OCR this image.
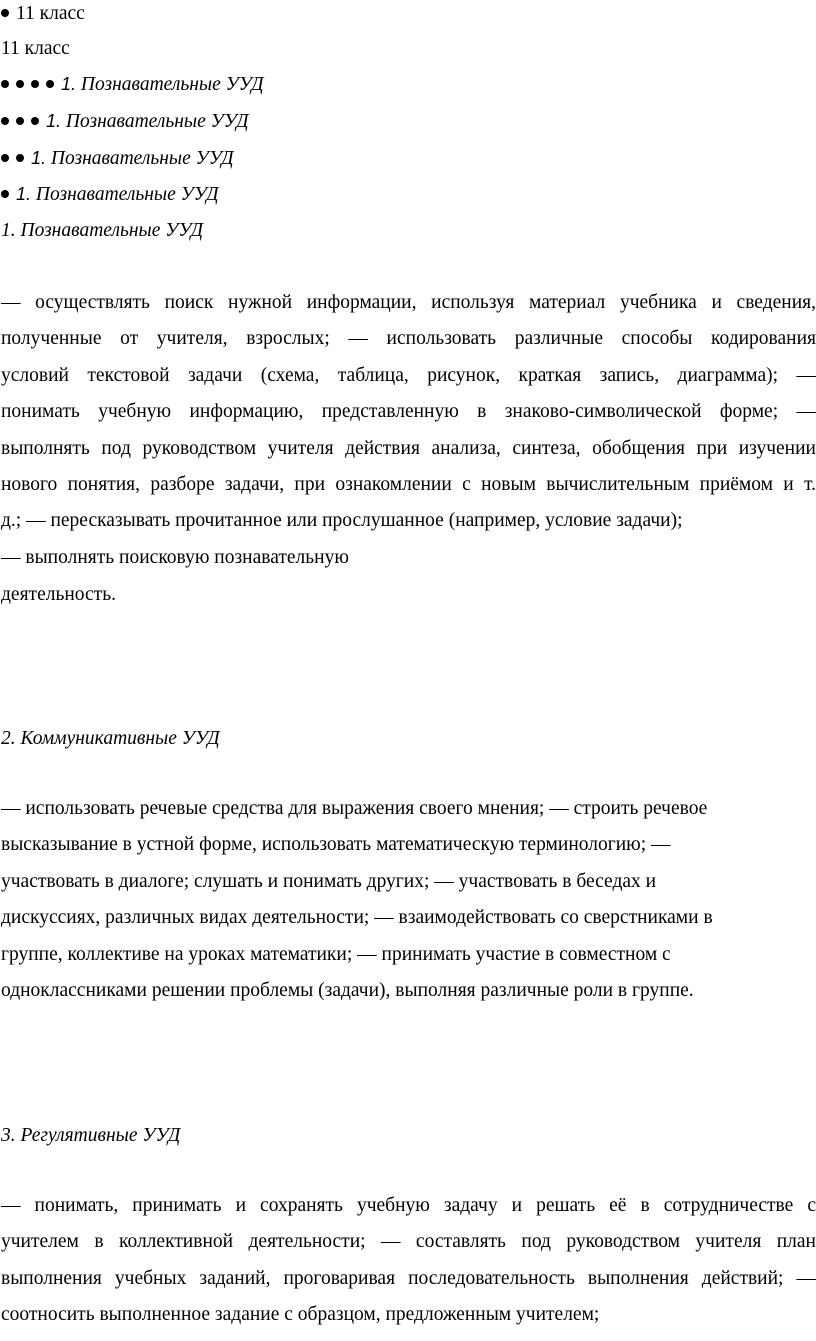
11 класс
11 класс
1. Познавательные УУД
1. Познавательные УУД
1. Познавательные УУД
1. Познавательные УУД
1. Познавательные УУД
— осуществлять поиск нужной информации, используя материал учебника и сведения,
полученные от учителя, взрослых; — использовать различные способы кодирования
условий текстовой задачи (схема, таблица, рисунок, краткая запись, диаграмма); —
понимать учебную информацию, представленную в знаково-символической форме; —
выполнять под руководством учителя действия анализа, синтеза, обобщения при изучении
нового понятия, разборе задачи, при ознакомлении с новым вычислительным приёмом и т.
д.; — пересказывать прочитанное или прослушанное (например, условие задачи);
— выполнять поисковую познавательную
деятельность.
2. Коммуникативные УУД
— использовать речевые средства для выражения своего мнения; — строить речевое
высказывание в устной форме, использовать математическую терминологию; —
участвовать в диалоге; слушать и понимать других; — участвовать в беседах и
дискуссиях, различных видах деятельности; — взаимодействовать со сверстниками в
группе, коллективе на уроках математики; — принимать участие в совместном с
одноклассниками решении проблемы (задачи), выполняя различные роли в группе.
3. Регулятивные УУД
— понимать, принимать и сохранять учебную задачу и решать её в сотрудничестве с
учителем в коллективной деятельности; — составлять под руководством учителя план
выполнения учебных заданий, проговаривая последовательность выполнения действий; —
соотносить выполненное задание с образцом, предложенным учителем;
